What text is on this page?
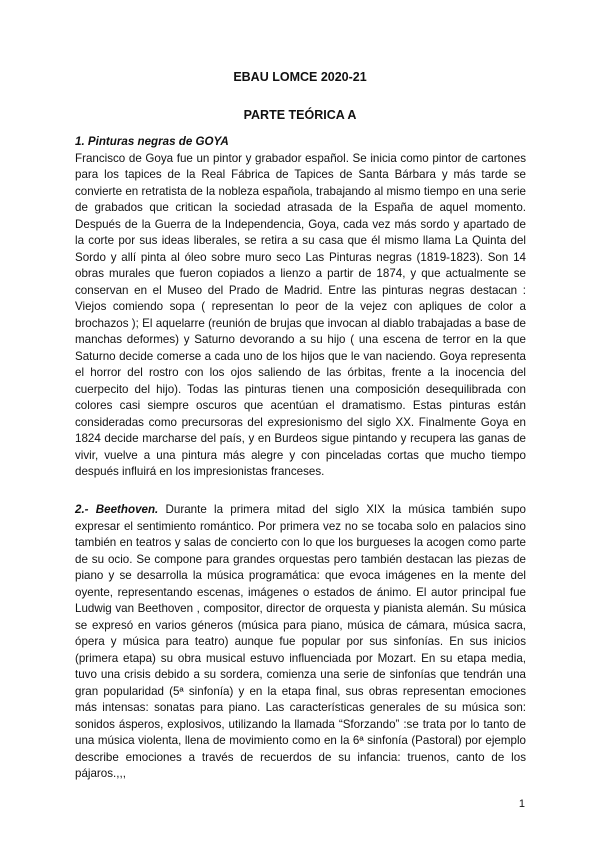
EBAU LOMCE 2020-21
PARTE TEÓRICA A
1. Pinturas negras de GOYA

Francisco de Goya fue un pintor y grabador español. Se inicia como pintor de cartones para los tapices de la Real Fábrica de Tapices de Santa Bárbara y más tarde se convierte en retratista de la nobleza española, trabajando al mismo tiempo en una serie de grabados que critican la sociedad atrasada de la España de aquel momento. Después de la Guerra de la Independencia, Goya, cada vez más sordo y apartado de la corte por sus ideas liberales, se retira a su casa que él mismo llama La Quinta del Sordo y allí pinta al óleo sobre muro seco Las Pinturas negras (1819-1823). Son 14 obras murales que fueron copiados a lienzo a partir de 1874, y que actualmente se conservan en el Museo del Prado de Madrid. Entre las pinturas negras destacan : Viejos comiendo sopa ( representan lo peor de la vejez con apliques de color a brochazos ); El aquelarre (reunión de brujas que invocan al diablo trabajadas a base de manchas deformes) y Saturno devorando a su hijo ( una escena de terror en la que Saturno decide comerse a cada uno de los hijos que le van naciendo. Goya representa el horror del rostro con los ojos saliendo de las órbitas, frente a la inocencia del cuerpecito del hijo). Todas las pinturas tienen una composición desequilibrada con colores casi siempre oscuros que acentúan el dramatismo. Estas pinturas están consideradas como precursoras del expresionismo del siglo XX. Finalmente Goya en 1824 decide marcharse del país, y en Burdeos sigue pintando y recupera las ganas de vivir, vuelve a una pintura más alegre y con pinceladas cortas que mucho tiempo después influirá en los impresionistas franceses.

2.- Beethoven. Durante la primera mitad del siglo XIX la música también supo expresar el sentimiento romántico. Por primera vez no se tocaba solo en palacios sino también en teatros y salas de concierto con lo que los burgueses la acogen como parte de su ocio. Se compone para grandes orquestas pero también destacan las piezas de piano y se desarrolla la música programática: que evoca imágenes en la mente del oyente, representando escenas, imágenes o estados de ánimo. El autor principal fue Ludwig van Beethoven , compositor, director de orquesta y pianista alemán. Su música se expresó en varios géneros (música para piano, música de cámara, música sacra, ópera y música para teatro) aunque fue popular por sus sinfonías. En sus inicios (primera etapa) su obra musical estuvo influenciada por Mozart. En su etapa media, tuvo una crisis debido a su sordera, comienza una serie de sinfonías que tendrán una gran popularidad (5ª sinfonía) y en la etapa final, sus obras representan emociones más intensas: sonatas para piano. Las características generales de su música son: sonidos ásperos, explosivos, utilizando la llamada “Sforzando” :se trata por lo tanto de una música violenta, llena de movimiento como en la 6ª sinfonía (Pastoral) por ejemplo describe emociones a través de recuerdos de su infancia: truenos, canto de los pájaros.,,,

1
